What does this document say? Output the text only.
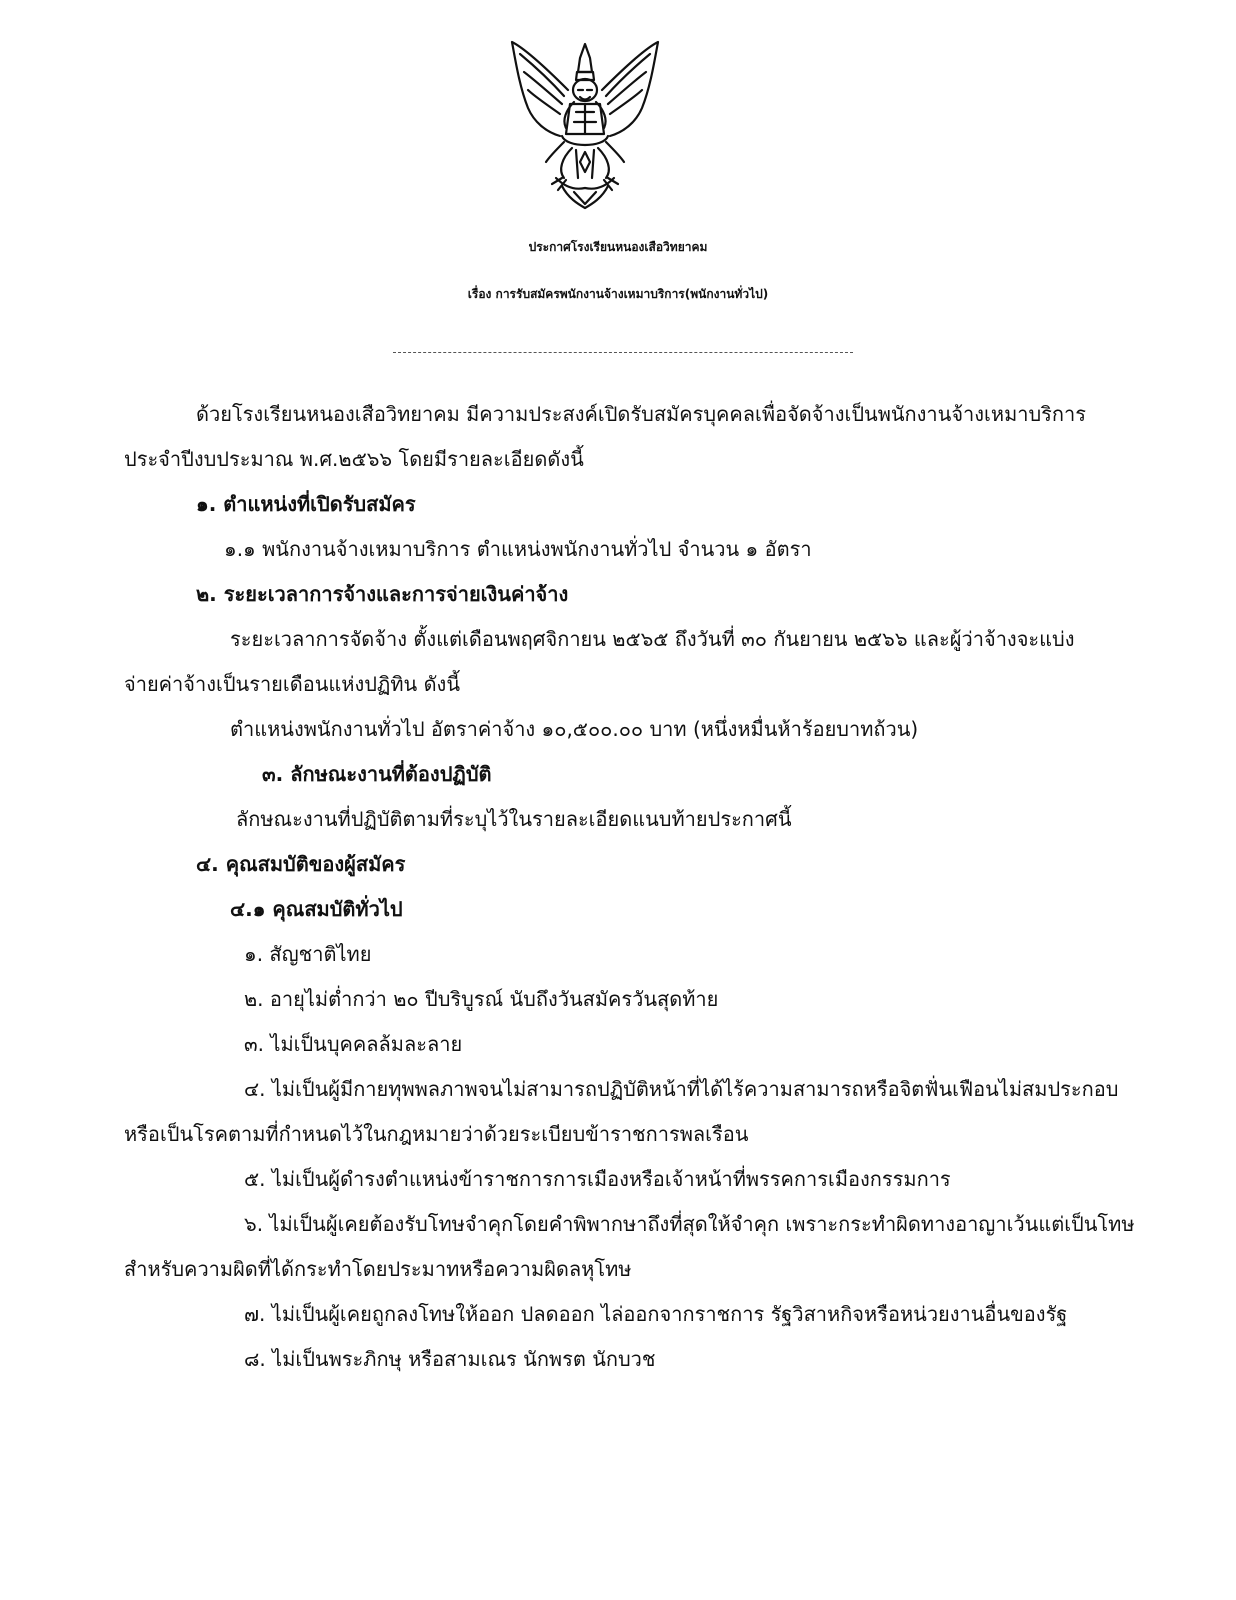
ประกาศโรงเรียนหนองเสือวิทยาคม
เรื่อง การรับสมัครพนักงานจ้างเหมาบริการ(พนักงานทั่วไป)
ด้วยโรงเรียนหนองเสือวิทยาคม มีความประสงค์เปิดรับสมัครบุคคลเพื่อจัดจ้างเป็นพนักงานจ้างเหมาบริการ
ประจำปีงบประมาณ พ.ศ.๒๕๖๖ โดยมีรายละเอียดดังนี้
๑. ตำแหน่งที่เปิดรับสมัคร
๑.๑ พนักงานจ้างเหมาบริการ ตำแหน่งพนักงานทั่วไป จำนวน ๑ อัตรา
๒. ระยะเวลาการจ้างและการจ่ายเงินค่าจ้าง
ระยะเวลาการจัดจ้าง ตั้งแต่เดือนพฤศจิกายน ๒๕๖๕ ถึงวันที่ ๓๐ กันยายน ๒๕๖๖ และผู้ว่าจ้างจะแบ่ง
จ่ายค่าจ้างเป็นรายเดือนแห่งปฏิทิน ดังนี้
ตำแหน่งพนักงานทั่วไป อัตราค่าจ้าง ๑๐,๕๐๐.๐๐ บาท (หนึ่งหมื่นห้าร้อยบาทถ้วน)
๓. ลักษณะงานที่ต้องปฏิบัติ
ลักษณะงานที่ปฏิบัติตามที่ระบุไว้ในรายละเอียดแนบท้ายประกาศนี้
๔. คุณสมบัติของผู้สมัคร
๔.๑ คุณสมบัติทั่วไป
๑. สัญชาติไทย
๒. อายุไม่ต่ำกว่า ๒๐ ปีบริบูรณ์ นับถึงวันสมัครวันสุดท้าย
๓. ไม่เป็นบุคคลล้มละลาย
๔. ไม่เป็นผู้มีกายทุพพลภาพจนไม่สามารถปฏิบัติหน้าที่ได้ไร้ความสามารถหรือจิตฟั่นเฟือนไม่สมประกอบ
หรือเป็นโรคตามที่กำหนดไว้ในกฎหมายว่าด้วยระเบียบข้าราชการพลเรือน
๕. ไม่เป็นผู้ดำรงตำแหน่งข้าราชการการเมืองหรือเจ้าหน้าที่พรรคการเมืองกรรมการ
๖. ไม่เป็นผู้เคยต้องรับโทษจำคุกโดยคำพิพากษาถึงที่สุดให้จำคุก เพราะกระทำผิดทางอาญาเว้นแต่เป็นโทษ
สำหรับความผิดที่ได้กระทำโดยประมาทหรือความผิดลหุโทษ
๗. ไม่เป็นผู้เคยถูกลงโทษให้ออก ปลดออก ไล่ออกจากราชการ รัฐวิสาหกิจหรือหน่วยงานอื่นของรัฐ
๘. ไม่เป็นพระภิกษุ หรือสามเณร นักพรต นักบวช
